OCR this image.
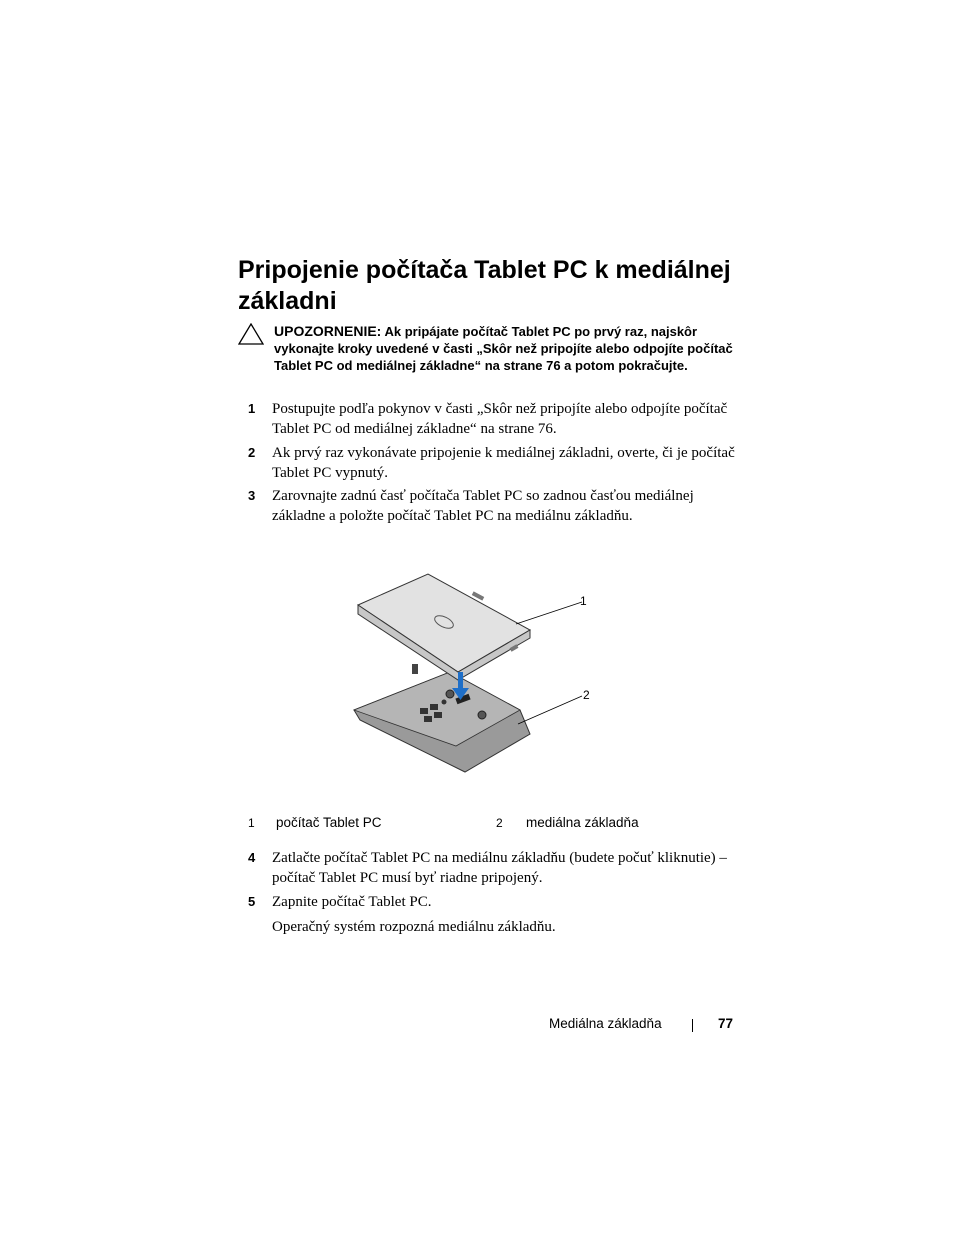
Pripojenie počítača Tablet PC k mediálnej základni
UPOZORNENIE: Ak pripájate počítač Tablet PC po prvý raz, najskôr vykonajte kroky uvedené v časti „Skôr než pripojíte alebo odpojíte počítač Tablet PC od mediálnej základne“ na strane 76 a potom pokračujte.
1	Postupujte podľa pokynov v časti „Skôr než pripojíte alebo odpojíte počítač Tablet PC od mediálnej základne“ na strane 76.
2	Ak prvý raz vykonávate pripojenie k mediálnej základni, overte, či je počítač Tablet PC vypnutý.
3	Zarovnajte zadnú časť počítača Tablet PC so zadnou časťou mediálnej základne a položte počítač Tablet PC na mediálnu základňu.
1
2
1 počítač Tablet PC	2 mediálna základňa
4	Zatlačte počítač Tablet PC na mediálnu základňu (budete počuť kliknutie) – počítač Tablet PC musí byť riadne pripojený.
5	Zapnite počítač Tablet PC.
Operačný systém rozpozná mediálnu základňu.
Mediálna základňa	77
